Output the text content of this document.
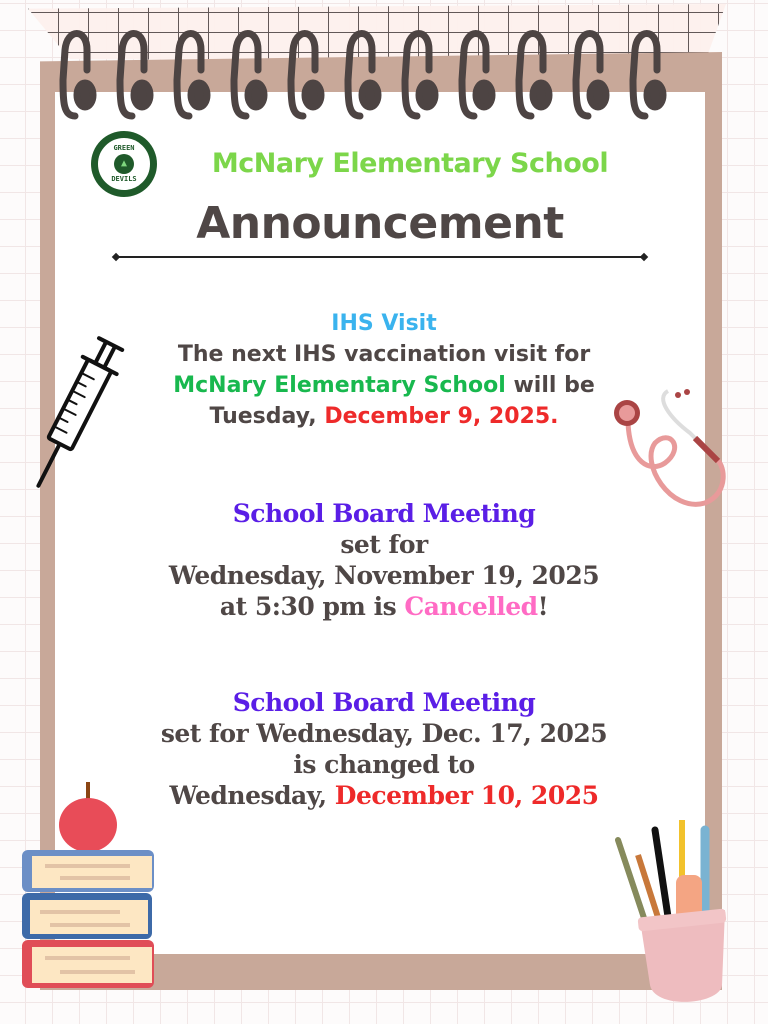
GREEN
▲
DEVILS	McNary Elementary School
Announcement
IHS Visit
The next IHS vaccination visit for
McNary Elementary School will be
Tuesday, December 9, 2025.
School Board Meeting
set for
Wednesday, November 19, 2025
at 5:30 pm is Cancelled!
School Board Meeting
set for Wednesday, Dec. 17, 2025
is changed to
Wednesday, December 10, 2025
